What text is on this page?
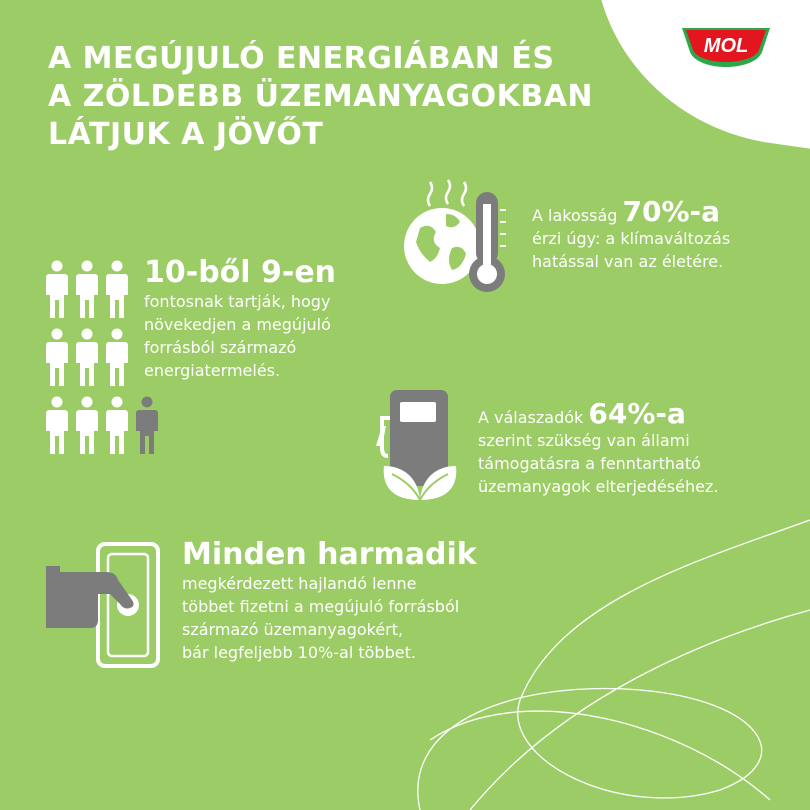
A MEGÚJULÓ ENERGIÁBAN ÉS
A ZÖLDEBB ÜZEMANYAGOKBAN
LÁTJUK A JÖVŐT
MOL
A lakosság 70%-a
érzi úgy: a klímaváltozás
hatással van az életére.
10-ből 9-en
fontosnak tartják, hogy
növekedjen a megújuló
forrásból származó
energiatermelés.
A válaszadók 64%-a
szerint szükség van állami
támogatásra a fenntartható
üzemanyagok elterjedéséhez.
Minden harmadik
megkérdezett hajlandó lenne
többet fizetni a megújuló forrásból
származó üzemanyagokért,
bár legfeljebb 10%-al többet.
